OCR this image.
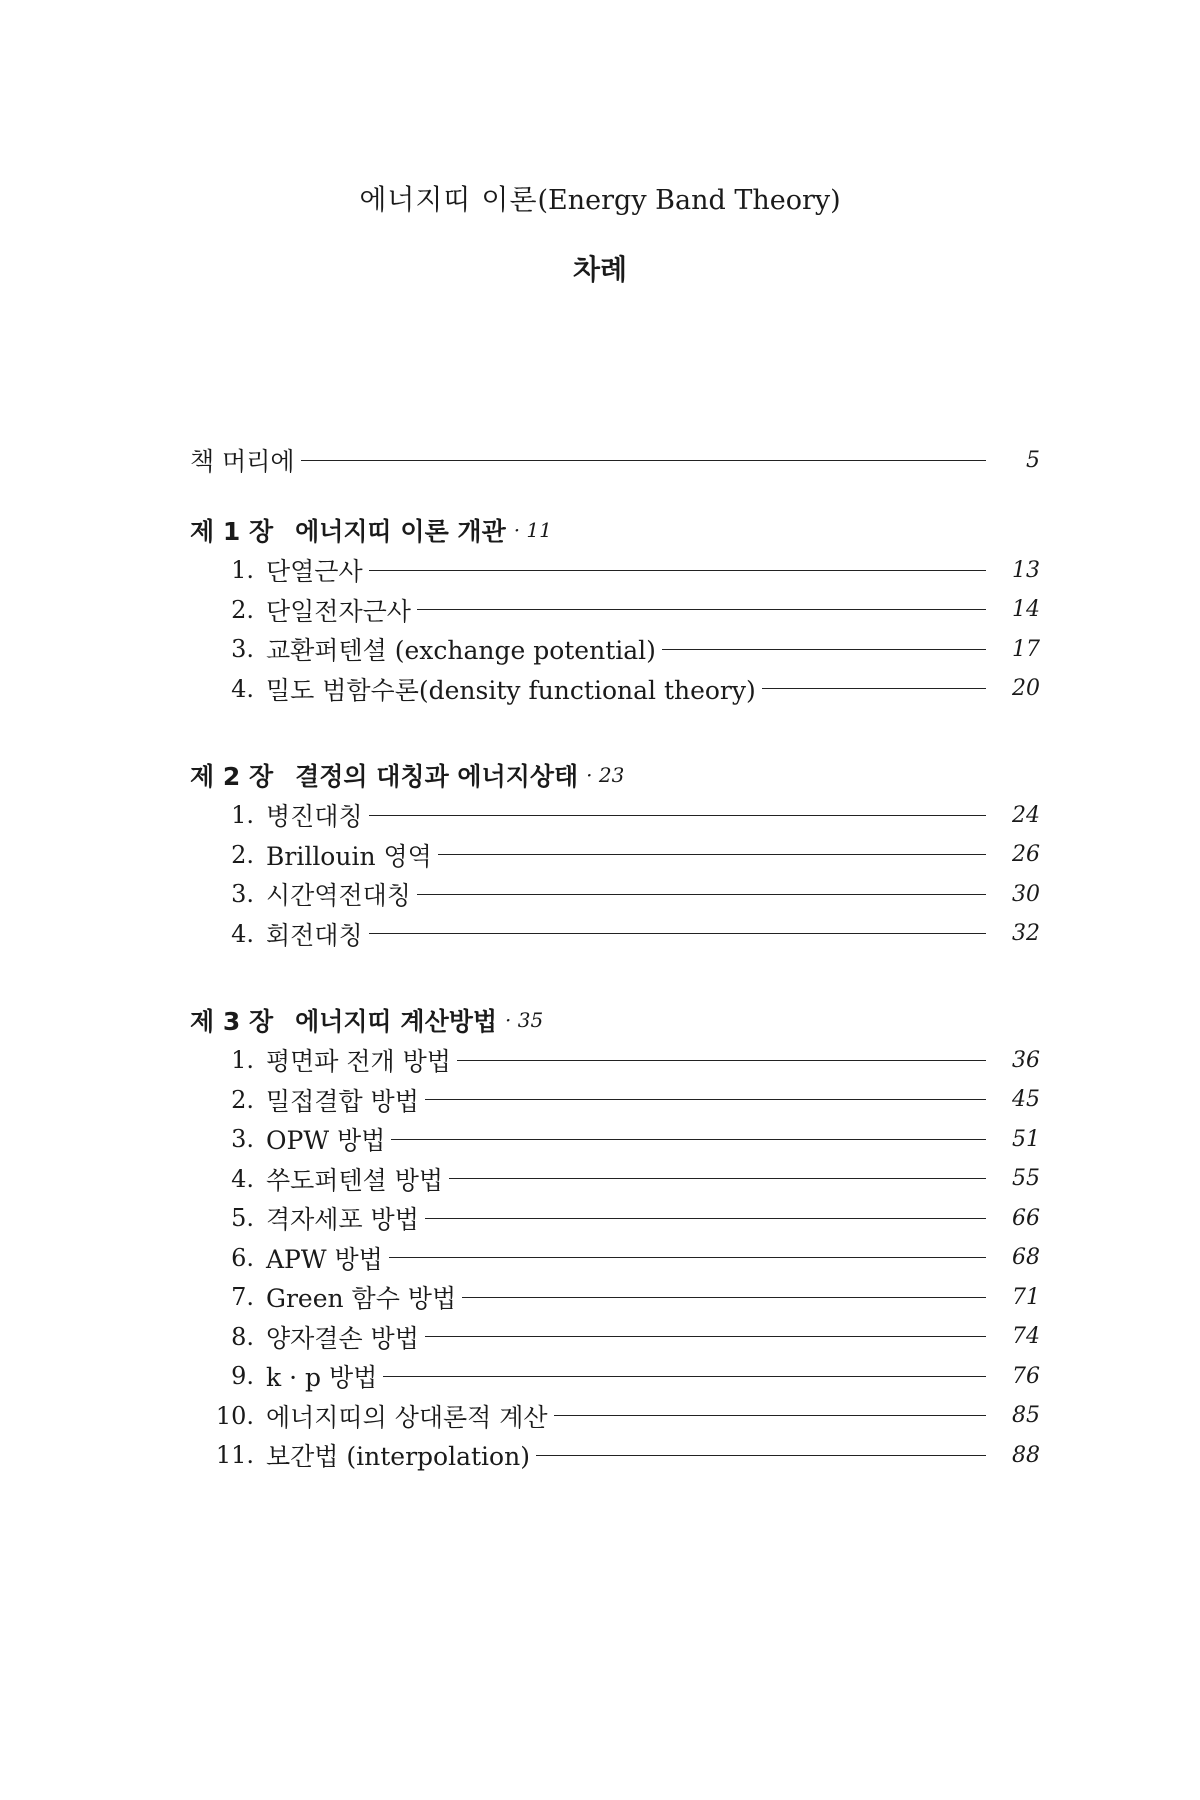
에너지띠 이론(Energy Band Theory)
차례
책 머리에	5
제 1 장 에너지띠 이론 개관 · 11
1. 단열근사	13
2. 단일전자근사	14
3. 교환퍼텐셜 (exchange potential)	17
4. 밀도 범함수론(density functional theory)	20
제 2 장 결정의 대칭과 에너지상태 · 23
1. 병진대칭	24
2. Brillouin 영역	26
3. 시간역전대칭	30
4. 회전대칭	32
제 3 장 에너지띠 계산방법 · 35
1. 평면파 전개 방법	36
2. 밀접결합 방법	45
3. OPW 방법	51
4. 쑤도퍼텐셜 방법	55
5. 격자세포 방법	66
6. APW 방법	68
7. Green 함수 방법	71
8. 양자결손 방법	74
9. k · p 방법	76
10. 에너지띠의 상대론적 계산	85
11. 보간법 (interpolation)	88
